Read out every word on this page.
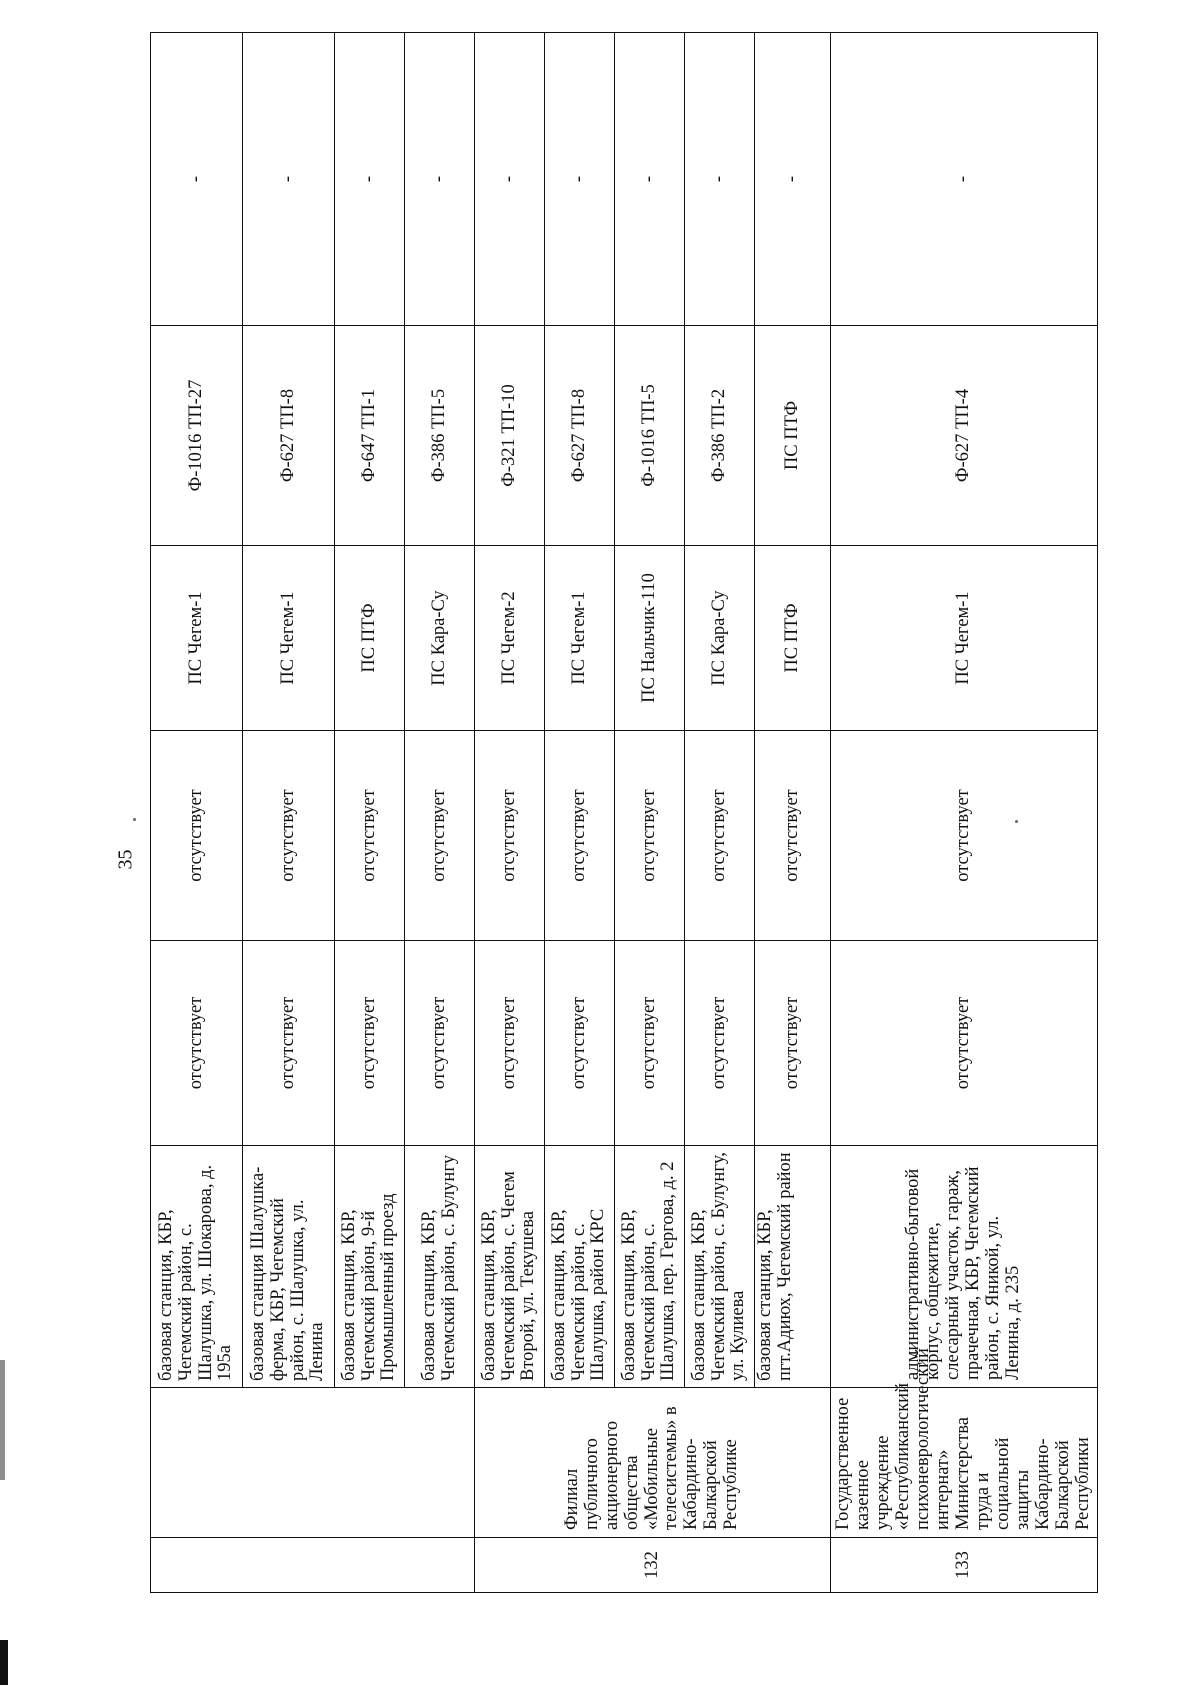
35
		базовая станция, КБР, Чегемский район, с. Шалушка, ул. Шокарова, д. 195а	отсутствует	отсутствует	ПС Чегем-1	Ф-1016 ТП-27	-
		базовая станция Шалушка-ферма, КБР, Чегемский район, с. Шалушка, ул. Ленина	отсутствует	отсутствует	ПС Чегем-1	Ф-627 ТП-8	-
		базовая станция, КБР, Чегемский район, 9-й Промышленный проезд	отсутствует	отсутствует	ПС ПТФ	Ф-647 ТП-1	-
		базовая станция, КБР, Чегемский район, с. Булунгу	отсутствует	отсутствует	ПС Кара-Су	Ф-386 ТП-5	-
132	Филиал публичного акционерного общества «Мобильные телесистемы» в Кабардино-Балкарской Республике	базовая станция, КБР, Чегемский район, с. Чегем Второй, ул. Текушева	отсутствует	отсутствует	ПС Чегем-2	Ф-321 ТП-10	-
		базовая станция, КБР, Чегемский район, с. Шалушка, район КРС	отсутствует	отсутствует	ПС Чегем-1	Ф-627 ТП-8	-
		базовая станция, КБР, Чегемский район, с. Шалушка, пер. Гергова, д. 2	отсутствует	отсутствует	ПС Нальчик-110	Ф-1016 ТП-5	-
		базовая станция, КБР, Чегемский район, с. Булунгу, ул. Кулиева	отсутствует	отсутствует	ПС Кара-Су	Ф-386 ТП-2	-
		базовая станция, КБР, пгт.Адиюх, Чегемский район	отсутствует	отсутствует	ПС ПТФ	ПС ПТФ	-
133	Государственное казенное учреждение «Республиканский психоневрологический интернат» Министерства труда и социальной защиты Кабардино-Балкарской Республики	административно-бытовой корпус, общежитие, слесарный участок, гараж, прачечная, КБР, Чегемский район, с. Яникой, ул. Ленина, д. 235	отсутствует	отсутствует	ПС Чегем-1	Ф-627 ТП-4	-
